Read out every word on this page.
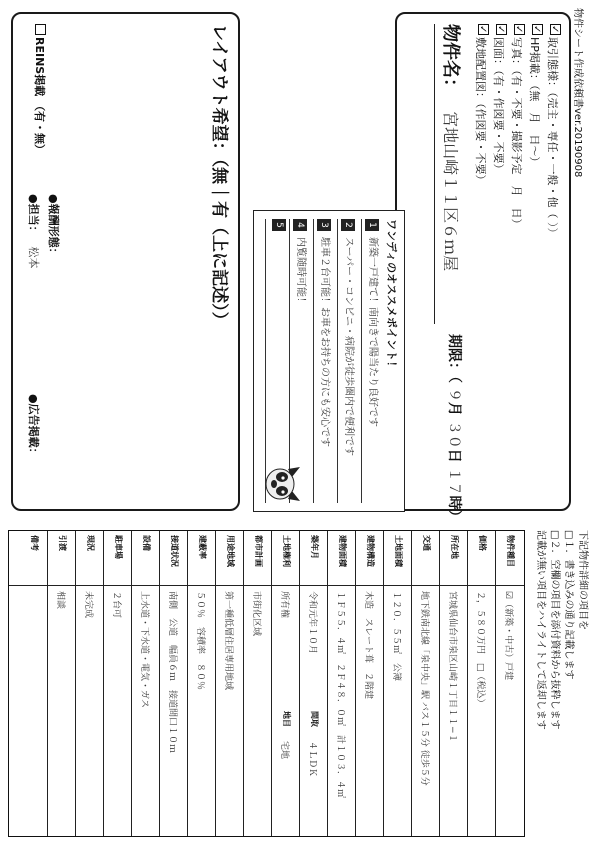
物件シート作成依頼書ver.20190908
✓取引態様：（売主・専任・一般・他（ ））
✓HP掲載：（無　月　日〜）
✓写真：（有・不要・撮影予定　月　日）
✓図面：（有・作図要・不要）
✓敷地配置図：（作図要・不要）
物件名： 宮地山崎１１区６ｍ屋
期限：（ ９月 ３０日 １７時）
ワンディのオススメポイント！
1新築一戸建て！南向きで陽当たり良好です
2スーパー・コンビニ・病院が徒歩圏内で便利です
3駐車２台可能！お車をお持ちの方にも安心です
4内覧随時可能！
5
レイアウト希望：（無｜有（上に記述））
REINS掲載 （有・無）
●報酬形態：
●担当： 松本
●広告掲載：
下記物件詳細の項目を
□１．書き込みの通り記載します
□２．空欄の項目を添付資料から抜粋します
記載が無い項目をハイライトして返却します
物件種目
☑（新築・中古）戸建
価格
２，５８０万円　□（税込）
所在地
宮城県仙台市泉区山崎１丁目１１−１
交通
地下鉄南北線「泉中央」駅 バス１５分 徒歩５分
土地面積
１２０．５５㎡　公簿
建物構造
木造　スレート葺　２階建
建物面積
１Ｆ５５．４㎡　２Ｆ４８．０㎡　計１０３．４㎡
築年月
令和元年１０月
間取
４ＬＤＫ
土地権利
所有権
地目
宅地
都市計画
市街化区域
用途地域
第一種低層住居専用地域
建蔽率
５０％　容積率　８０％
接道状況
南側　公道　幅員６ｍ　接道間口１０ｍ
設備
上水道・下水道・電気・ガス
駐車場
２台可
現況
未完成
引渡
相談
備考
